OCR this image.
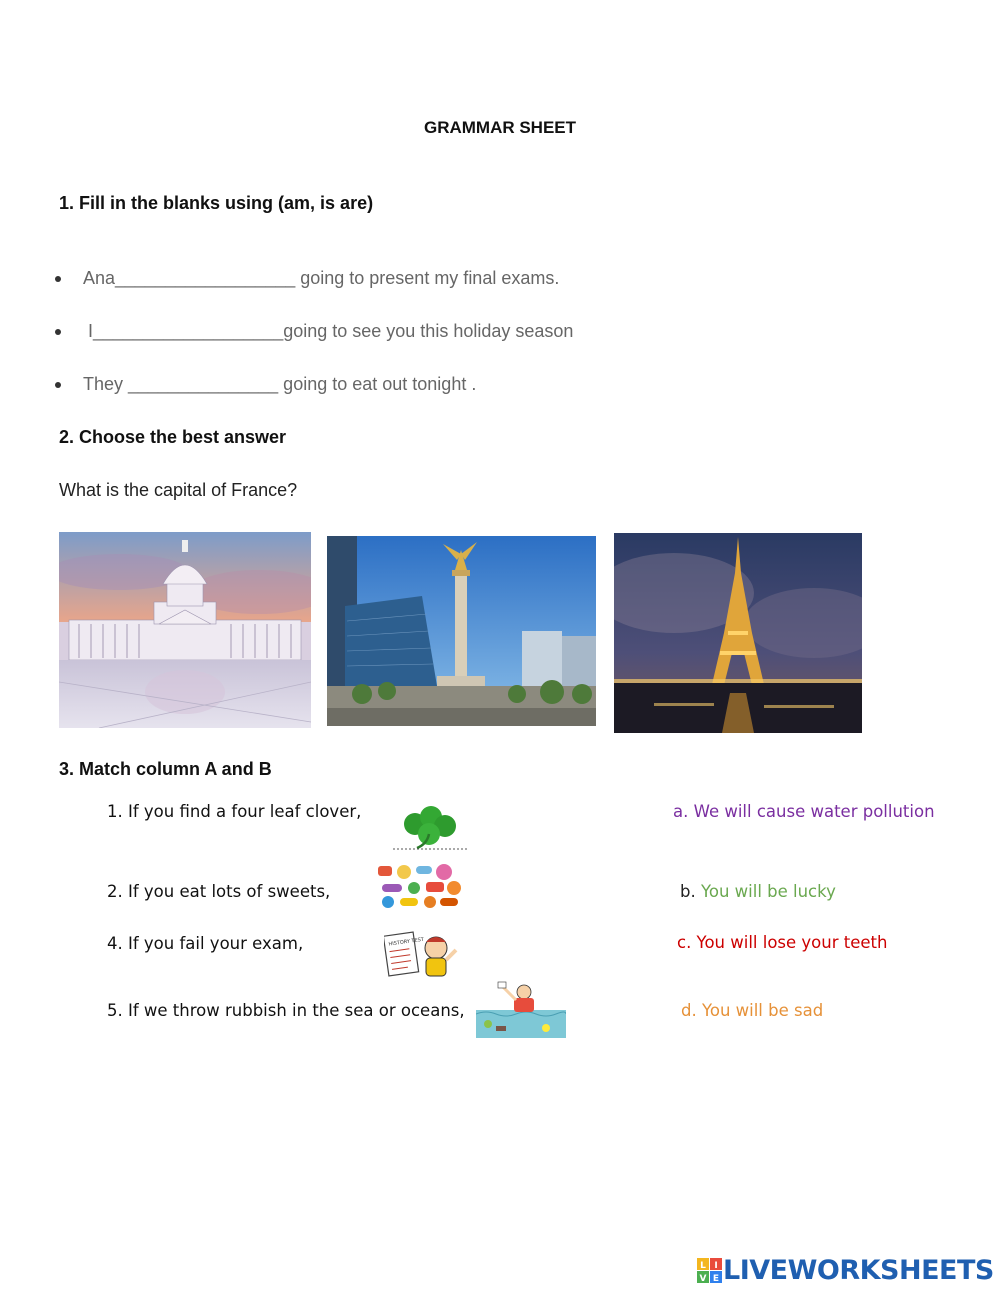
GRAMMAR SHEET
1. Fill in the blanks using (am, is are)
Ana__________________ going to present my final exams.
I___________________going to see you this holiday season
They _______________ going to eat out tonight .
2. Choose the best answer
What is the capital of France?
3. Match column A and B
1. If you find a four leaf clover,
2. If you eat lots of sweets,
4. If you fail your exam,
5. If we throw rubbish in the sea or oceans,
HISTORY TEST
a. We will cause water pollution
b. You will be lucky
c. You will lose your teeth
d. You will be sad
L I
V E LIVEWORKSHEETS
